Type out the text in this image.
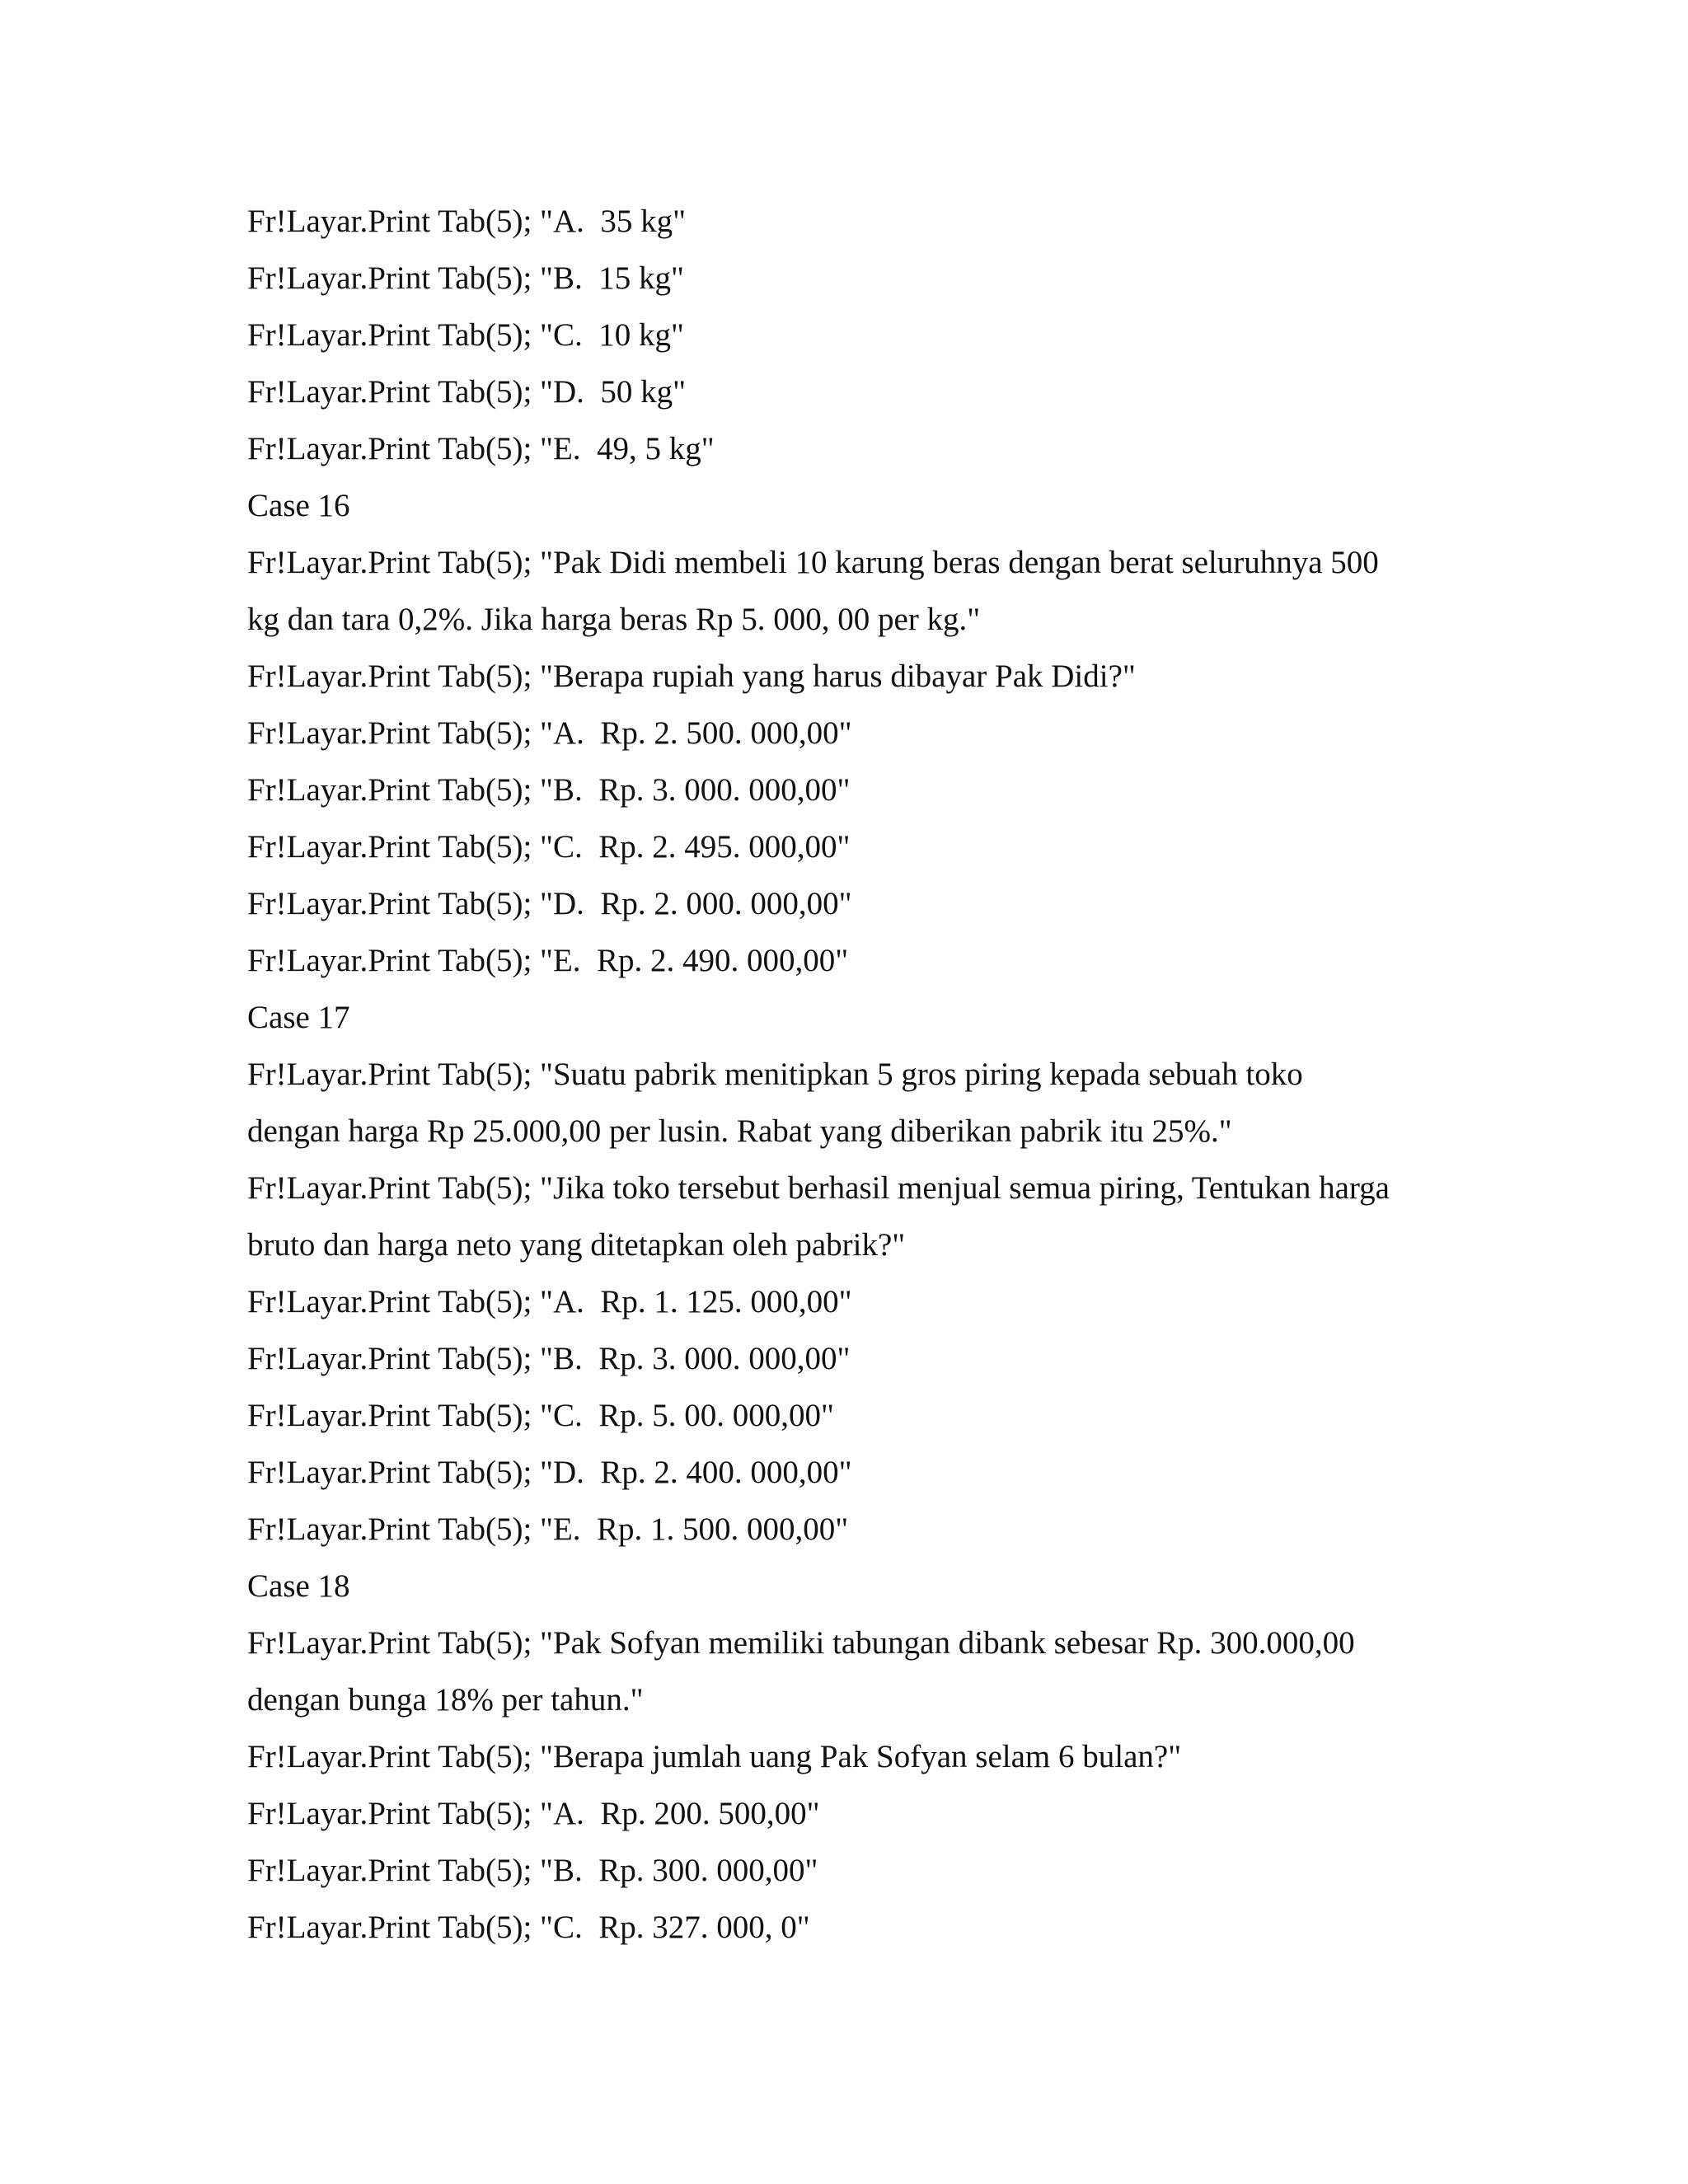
Fr!Layar.Print Tab(5); "A.  35 kg"
Fr!Layar.Print Tab(5); "B.  15 kg"
Fr!Layar.Print Tab(5); "C.  10 kg"
Fr!Layar.Print Tab(5); "D.  50 kg"
Fr!Layar.Print Tab(5); "E.  49, 5 kg"
Case 16
Fr!Layar.Print Tab(5); "Pak Didi membeli 10 karung beras dengan berat seluruhnya 500
kg dan tara 0,2%. Jika harga beras Rp 5. 000, 00 per kg."
Fr!Layar.Print Tab(5); "Berapa rupiah yang harus dibayar Pak Didi?"
Fr!Layar.Print Tab(5); "A.  Rp. 2. 500. 000,00"
Fr!Layar.Print Tab(5); "B.  Rp. 3. 000. 000,00"
Fr!Layar.Print Tab(5); "C.  Rp. 2. 495. 000,00"
Fr!Layar.Print Tab(5); "D.  Rp. 2. 000. 000,00"
Fr!Layar.Print Tab(5); "E.  Rp. 2. 490. 000,00"
Case 17
Fr!Layar.Print Tab(5); "Suatu pabrik menitipkan 5 gros piring kepada sebuah toko
dengan harga Rp 25.000,00 per lusin. Rabat yang diberikan pabrik itu 25%."
Fr!Layar.Print Tab(5); "Jika toko tersebut berhasil menjual semua piring, Tentukan harga
bruto dan harga neto yang ditetapkan oleh pabrik?"
Fr!Layar.Print Tab(5); "A.  Rp. 1. 125. 000,00"
Fr!Layar.Print Tab(5); "B.  Rp. 3. 000. 000,00"
Fr!Layar.Print Tab(5); "C.  Rp. 5. 00. 000,00"
Fr!Layar.Print Tab(5); "D.  Rp. 2. 400. 000,00"
Fr!Layar.Print Tab(5); "E.  Rp. 1. 500. 000,00"
Case 18
Fr!Layar.Print Tab(5); "Pak Sofyan memiliki tabungan dibank sebesar Rp. 300.000,00
dengan bunga 18% per tahun."
Fr!Layar.Print Tab(5); "Berapa jumlah uang Pak Sofyan selam 6 bulan?"
Fr!Layar.Print Tab(5); "A.  Rp. 200. 500,00"
Fr!Layar.Print Tab(5); "B.  Rp. 300. 000,00"
Fr!Layar.Print Tab(5); "C.  Rp. 327. 000, 0"
